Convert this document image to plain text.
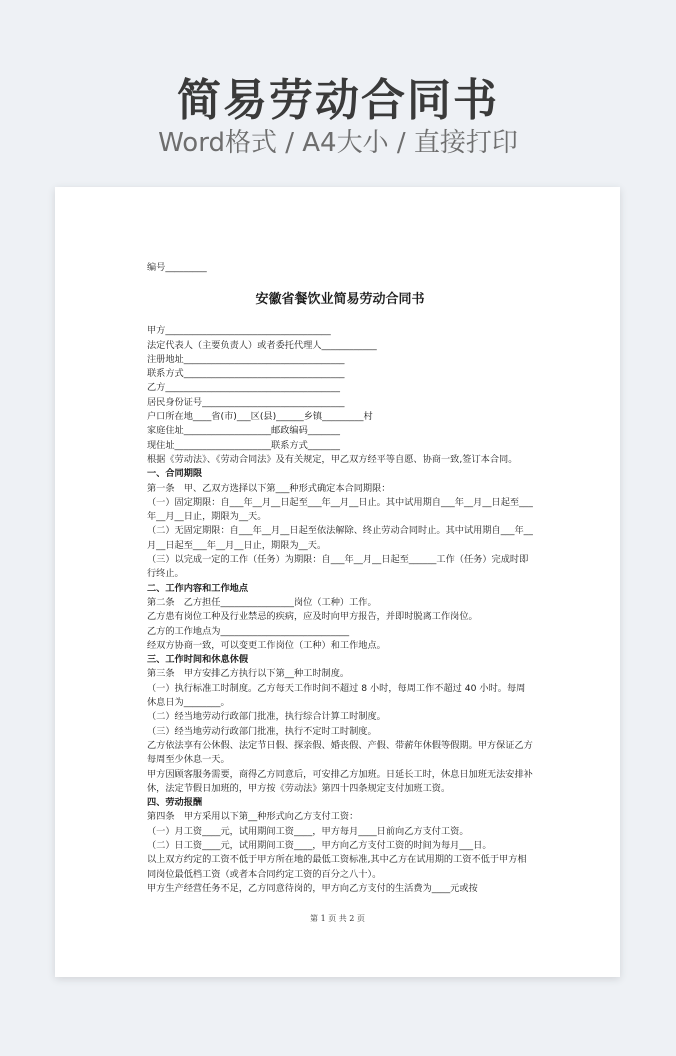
简易劳动合同书
Word格式 / A4大小 / 直接打印

编号_________

安徽省餐饮业简易劳动合同书

甲方____________________________________

法定代表人（主要负责人）或者委托代理人____________

注册地址___________________________________

联系方式___________________________________

乙方______________________________________

居民身份证号_______________________________

户口所在地____省(市)___区(县)______乡镇_________村

家庭住址___________________邮政编码_______

现住址_____________________联系方式_______

根据《劳动法》、《劳动合同法》及有关规定，甲乙双方经平等自愿、协商一致,签订本合同。

一、合同期限

第一条　甲、乙双方选择以下第___种形式确定本合同期限：

（一）固定期限：自___年__月__日起至___年__月__日止。其中试用期自___年__月__日起至___年__月__日止，期限为__天。

（二）无固定期限：自___年__月__日起至依法解除、终止劳动合同时止。其中试用期自___年__月__日起至___年__月__日止，期限为__天。

（三）以完成一定的工作（任务）为期限：自___年__月__日起至______工作（任务）完成时即行终止。

二、工作内容和工作地点

第二条　乙方担任________________岗位（工种）工作。

乙方患有岗位工种及行业禁忌的疾病，应及时向甲方报告，并即时脱离工作岗位。

乙方的工作地点为____________________________

经双方协商一致，可以变更工作岗位（工种）和工作地点。

三、工作时间和休息休假

第三条　甲方安排乙方执行以下第__种工时制度。

（一）执行标准工时制度。乙方每天工作时间不超过 8 小时，每周工作不超过 40 小时。每周休息日为________。

（二）经当地劳动行政部门批准，执行综合计算工时制度。

（三）经当地劳动行政部门批准，执行不定时工时制度。

乙方依法享有公休假、法定节日假、探亲假、婚丧假、产假、带薪年休假等假期。甲方保证乙方每周至少休息一天。

甲方因顾客服务需要，商得乙方同意后，可安排乙方加班。日延长工时，休息日加班无法安排补休，法定节假日加班的，甲方按《劳动法》第四十四条规定支付加班工资。

四、劳动报酬

第四条　甲方采用以下第__种形式向乙方支付工资：

（一）月工资____元，试用期间工资____，甲方每月____日前向乙方支付工资。

（二）日工资____元，试用期间工资____，甲方向乙方支付工资的时间为每月___日。

以上双方约定的工资不低于甲方所在地的最低工资标准,其中乙方在试用期的工资不低于甲方相同岗位最低档工资（或者本合同约定工资的百分之八十）。

甲方生产经营任务不足，乙方同意待岗的，甲方向乙方支付的生活费为____元或按

第 1 页 共 2 页
